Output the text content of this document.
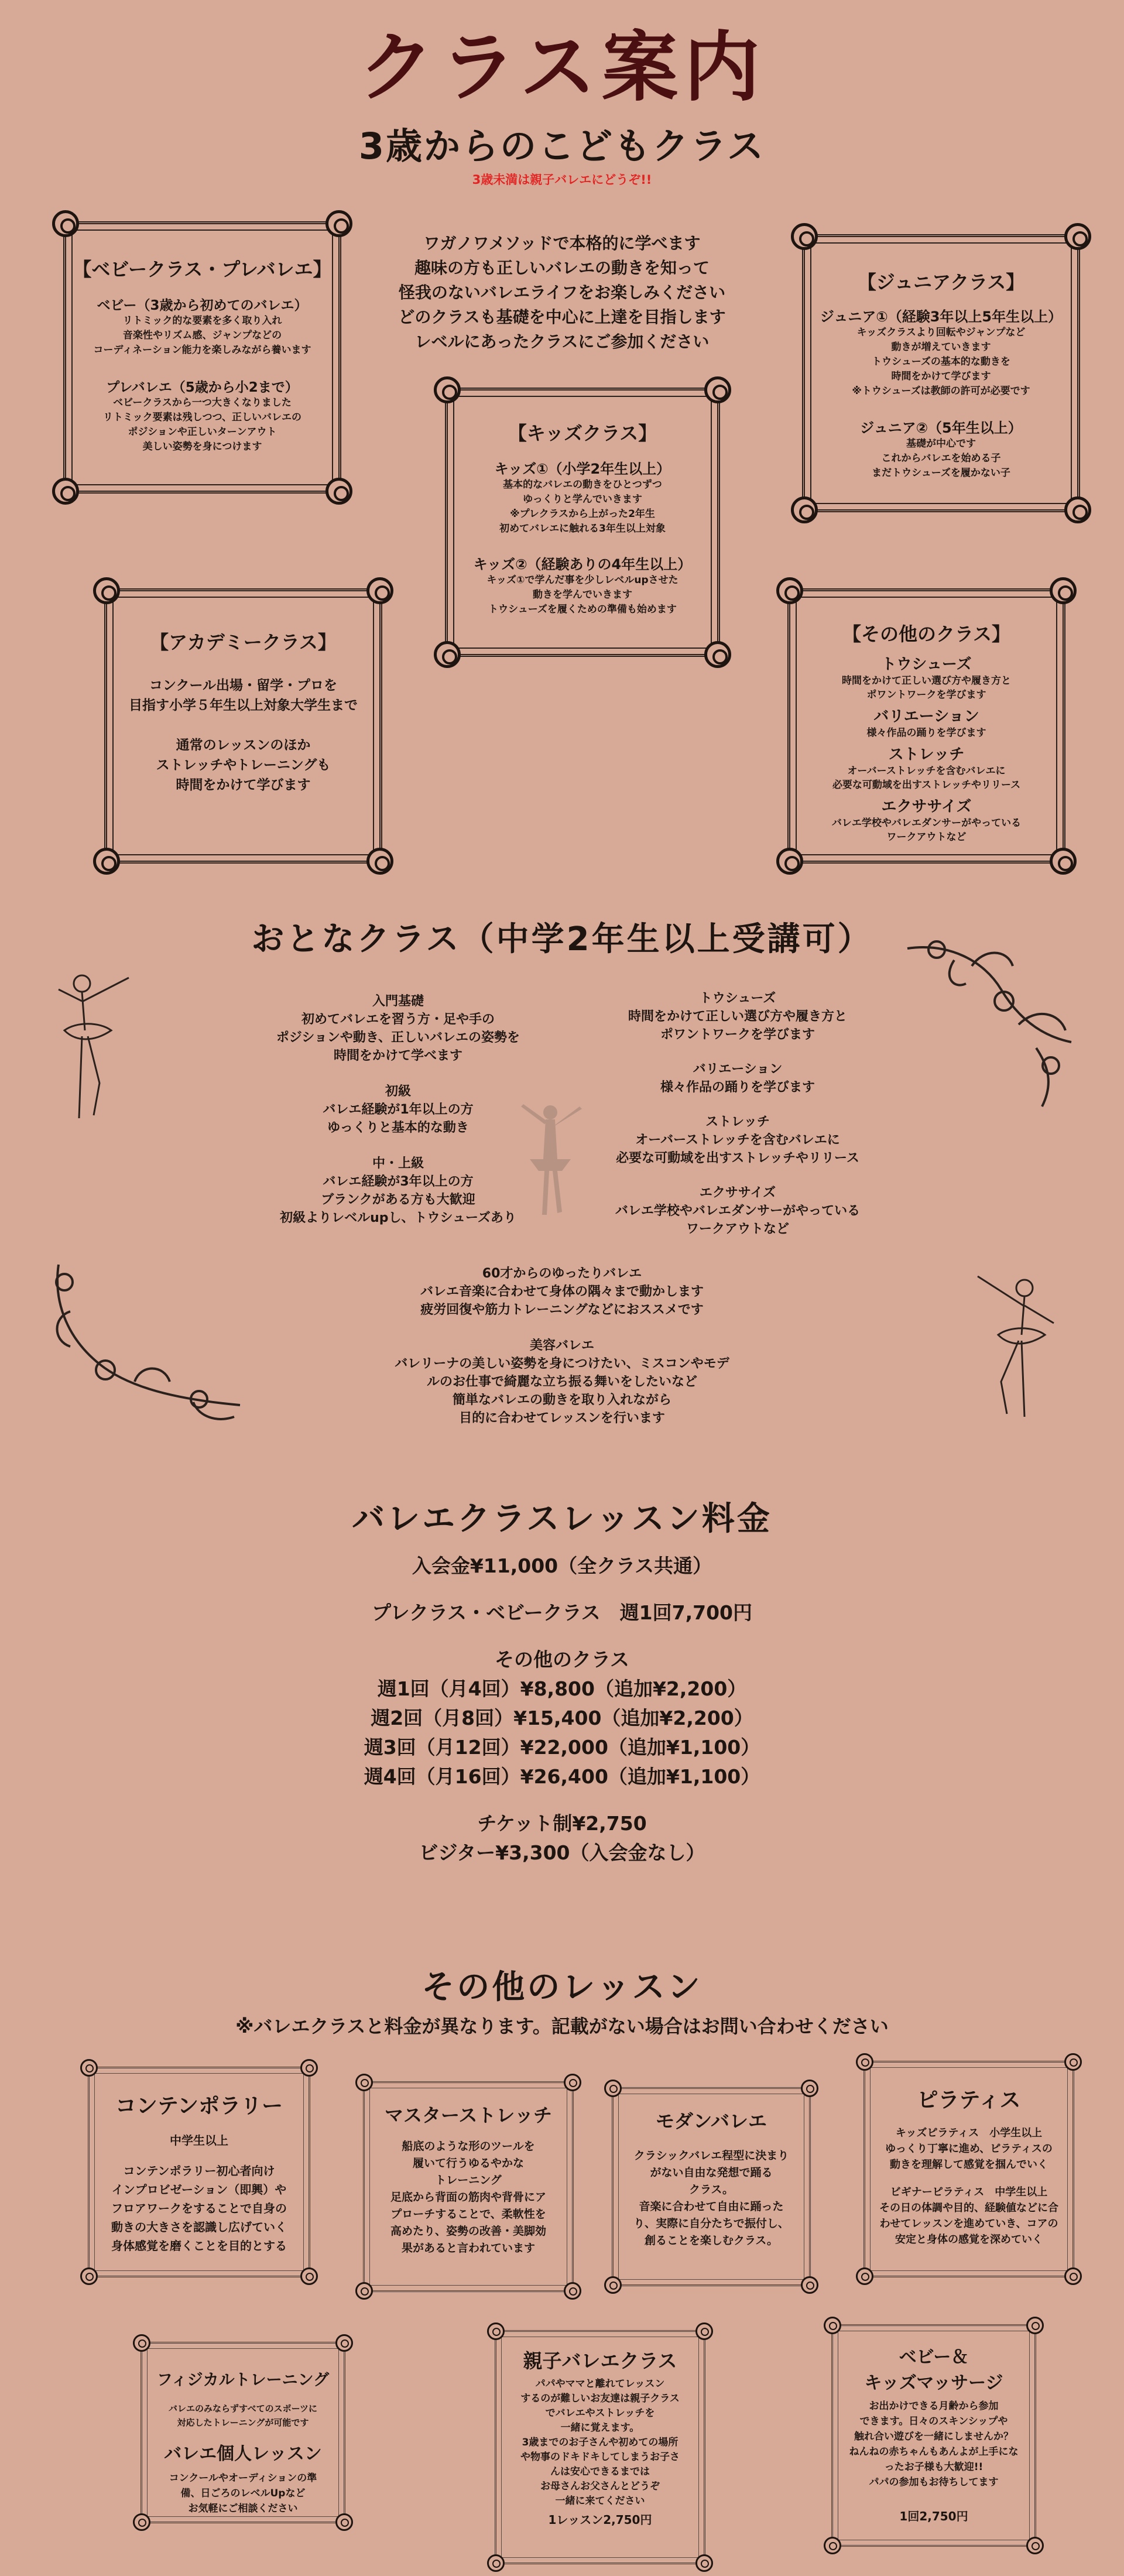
クラス案内
3歳からのこどもクラス
3歳未満は親子バレエにどうぞ!!
ワガノワメソッドで本格的に学べます
趣味の方も正しいバレエの動きを知って
怪我のないバレエライフをお楽しみください
どのクラスも基礎を中心に上達を目指します
レベルにあったクラスにご参加ください
【ベビークラス・プレバレエ】
ベビー（3歳から初めてのバレエ）
リトミック的な要素を多く取り入れ
音楽性やリズム感、ジャンプなどの
コーディネーション能力を楽しみながら養います
プレバレエ（5歳から小2まで）
ベビークラスから一つ大きくなりました
リトミック要素は残しつつ、正しいバレエの
ポジションや正しいターンアウト
美しい姿勢を身につけます
【ジュニアクラス】
ジュニア①（経験3年以上5年生以上）
キッズクラスより回転やジャンプなど
動きが増えていきます
トウシューズの基本的な動きを
時間をかけて学びます
※トウシューズは教師の許可が必要です
ジュニア②（5年生以上）
基礎が中心です
これからバレエを始める子
まだトウシューズを履かない子
【キッズクラス】
キッズ①（小学2年生以上）
基本的なバレエの動きをひとつずつ
ゆっくりと学んでいきます
※プレクラスから上がった2年生
初めてバレエに触れる3年生以上対象
キッズ②（経験ありの4年生以上）
キッズ①で学んだ事を少しレベルupさせた
動きを学んでいきます
トウシューズを履くための準備も始めます
【アカデミークラス】
コンクール出場・留学・プロを
目指す小学５年生以上対象大学生まで
通常のレッスンのほか
ストレッチやトレーニングも
時間をかけて学びます
【その他のクラス】
トウシューズ
時間をかけて正しい選び方や履き方と
ポワントワークを学びます
バリエーション
様々作品の踊りを学びます
ストレッチ
オーバーストレッチを含むバレエに
必要な可動域を出すストレッチやリリース
エクササイズ
バレエ学校やバレエダンサーがやっている
ワークアウトなど
おとなクラス（中学2年生以上受講可）
入門基礎
初めてバレエを習う方・足や手の
ポジションや動き、正しいバレエの姿勢を
時間をかけて学べます
初級
バレエ経験が1年以上の方
ゆっくりと基本的な動き
中・上級
バレエ経験が3年以上の方
ブランクがある方も大歓迎
初級よりレベルupし、トウシューズあり
トウシューズ
時間をかけて正しい選び方や履き方と
ポワントワークを学びます
バリエーション
様々作品の踊りを学びます
ストレッチ
オーバーストレッチを含むバレエに
必要な可動域を出すストレッチやリリース
エクササイズ
バレエ学校やバレエダンサーがやっている
ワークアウトなど
60才からのゆったりバレエ
バレエ音楽に合わせて身体の隅々まで動かします
疲労回復や筋力トレーニングなどにおススメです
美容バレエ
バレリーナの美しい姿勢を身につけたい、ミスコンやモデ
ルのお仕事で綺麗な立ち振る舞いをしたいなど
簡単なバレエの動きを取り入れながら
目的に合わせてレッスンを行います
バレエクラスレッスン料金
入会金¥11,000（全クラス共通）
プレクラス・ベビークラス　週1回7,700円
その他のクラス
週1回（月4回）¥8,800（追加¥2,200）
週2回（月8回）¥15,400（追加¥2,200）
週3回（月12回）¥22,000（追加¥1,100）
週4回（月16回）¥26,400（追加¥1,100）
チケット制¥2,750
ビジター¥3,300（入会金なし）
その他のレッスン
※バレエクラスと料金が異なります。記載がない場合はお問い合わせください
コンテンポラリー
中学生以上
コンテンポラリー初心者向け
インプロビゼーション（即興）や
フロアワークをすることで自身の
動きの大きさを認識し広げていく
身体感覚を磨くことを目的とする
マスターストレッチ
船底のような形のツールを
履いて行うゆるやかな
トレーニング
足底から背面の筋肉や背骨にア
プローチすることで、柔軟性を
高めたり、姿勢の改善・美脚効
果があると言われています
モダンバレエ
クラシックバレエ程型に決まり
がない自由な発想で踊る
クラス。
音楽に合わせて自由に踊った
り、実際に自分たちで振付し、
創ることを楽しむクラス。
ピラティス
キッズピラティス　小学生以上
ゆっくり丁寧に進め、ピラティスの
動きを理解して感覚を掴んでいく
ビギナーピラティス　中学生以上
その日の体調や目的、経験値などに合
わせてレッスンを進めていき、コアの
安定と身体の感覚を深めていく
フィジカルトレーニング
バレエのみならずすべてのスポーツに
対応したトレーニングが可能です
バレエ個人レッスン
コンクールやオーディションの準
備、日ごろのレベルUpなど
お気軽にご相談ください
親子バレエクラス
パパやママと離れてレッスン
するのが難しいお友達は親子クラス
でバレエやストレッチを
一緒に覚えます。
3歳までのお子さんや初めての場所
や物事のドキドキしてしまうお子さ
んは安心できるまでは
お母さんお父さんとどうぞ
一緒に来てください
1レッスン2,750円
ベビー＆
キッズマッサージ
お出かけできる月齢から参加
できます。日々のスキンシップや
触れ合い遊びを一緒にしませんか？
ねんねの赤ちゃんもあんよが上手にな
ったお子様も大歓迎!!
パパの参加もお待ちしてます
1回2,750円
